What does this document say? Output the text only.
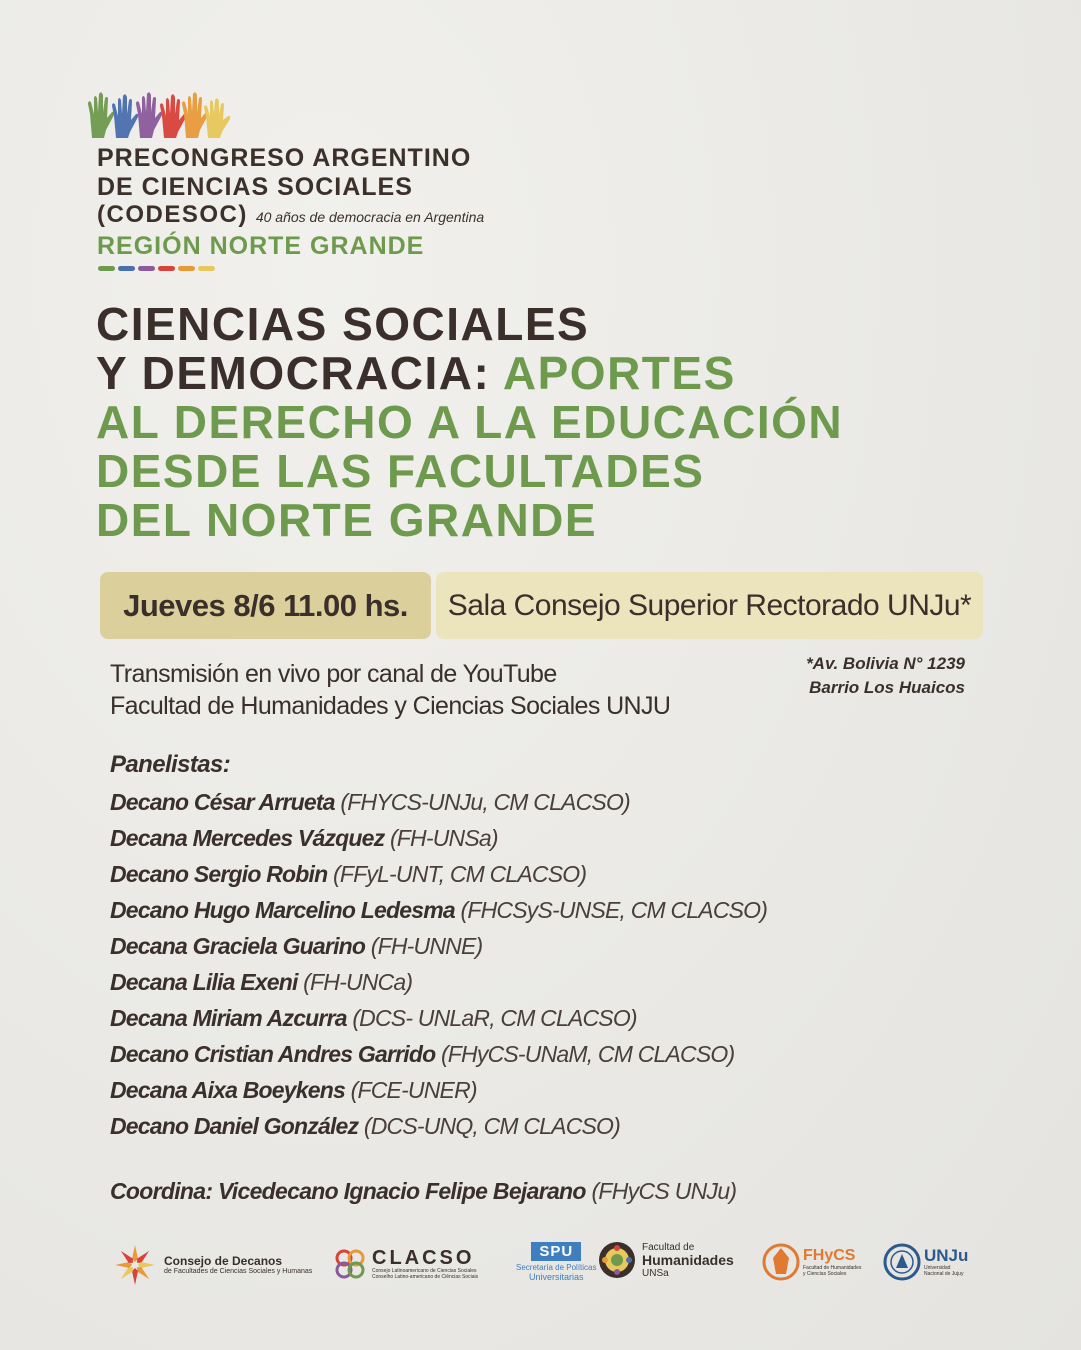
PRECONGRESO ARGENTINO
DE CIENCIAS SOCIALES
(CODESOC) 40 años de democracia en Argentina
REGIÓN NORTE GRANDE
CIENCIAS SOCIALES
Y DEMOCRACIA: APORTES
AL DERECHO A LA EDUCACIÓN
DESDE LAS FACULTADES
DEL NORTE GRANDE
Jueves 8/6 11.00 hs. Sala Consejo Superior Rectorado UNJu*
Transmisión en vivo por canal de YouTube
Facultad de Humanidades y Ciencias Sociales UNJU
*Av. Bolivia N° 1239
Barrio Los Huaicos
Panelistas:
Decano César Arrueta (FHYCS-UNJu, CM CLACSO)
Decana Mercedes Vázquez (FH-UNSa)
Decano Sergio Robin (FFyL-UNT, CM CLACSO)
Decano Hugo Marcelino Ledesma (FHCSyS-UNSE, CM CLACSO)
Decana Graciela Guarino (FH-UNNE)
Decana Lilia Exeni (FH-UNCa)
Decana Miriam Azcurra (DCS- UNLaR, CM CLACSO)
Decano Cristian Andres Garrido (FHyCS-UNaM, CM CLACSO)
Decana Aixa Boeykens (FCE-UNER)
Decano Daniel González (DCS-UNQ, CM CLACSO)
Coordina: Vicedecano Ignacio Felipe Bejarano (FHyCS UNJu)
Consejo de Decanos
de Facultades de Ciencias Sociales y Humanas
CLACSO
Consejo Latinoamericano de Ciencias Sociales
Conselho Latino-americano de Ciências Sociais
SPU
Secretaría de Políticas
Universitarias
Facultad de
Humanidades
UNSa
FHyCS
Facultad de Humanidades
y Ciencias Sociales
UNJu
Universidad
Nacional de Jujuy
